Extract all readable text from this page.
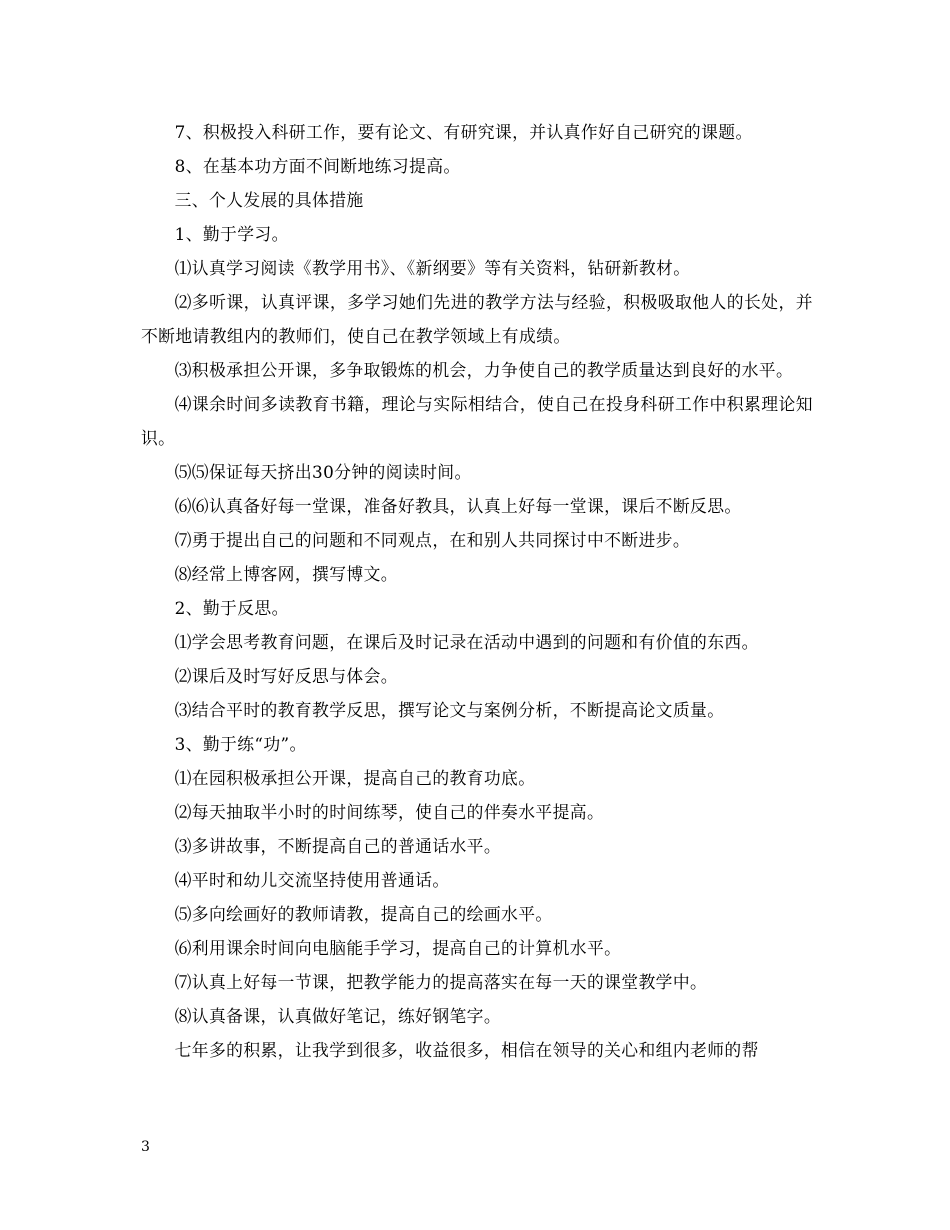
7、积极投入科研工作，要有论文、有研究课，并认真作好自己研究的课题。

8、在基本功方面不间断地练习提高。

三、个人发展的具体措施

1、勤于学习。

⑴认真学习阅读《教学用书》、《新纲要》等有关资料，钻研新教材。

⑵多听课，认真评课，多学习她们先进的教学方法与经验，积极吸取他人的长处，并不断地请教组内的教师们，使自己在教学领域上有成绩。

⑶积极承担公开课，多争取锻炼的机会，力争使自己的教学质量达到良好的水平。

⑷课余时间多读教育书籍，理论与实际相结合，使自己在投身科研工作中积累理论知识。

⑸⑸保证每天挤出30分钟的阅读时间。

⑹⑹认真备好每一堂课，准备好教具，认真上好每一堂课，课后不断反思。

⑺勇于提出自己的问题和不同观点，在和别人共同探讨中不断进步。

⑻经常上博客网，撰写博文。

2、勤于反思。

⑴学会思考教育问题，在课后及时记录在活动中遇到的问题和有价值的东西。

⑵课后及时写好反思与体会。

⑶结合平时的教育教学反思，撰写论文与案例分析，不断提高论文质量。

3、勤于练“功”。

⑴在园积极承担公开课，提高自己的教育功底。

⑵每天抽取半小时的时间练琴，使自己的伴奏水平提高。

⑶多讲故事，不断提高自己的普通话水平。

⑷平时和幼儿交流坚持使用普通话。

⑸多向绘画好的教师请教，提高自己的绘画水平。

⑹利用课余时间向电脑能手学习，提高自己的计算机水平。

⑺认真上好每一节课，把教学能力的提高落实在每一天的课堂教学中。

⑻认真备课，认真做好笔记，练好钢笔字。

七年多的积累，让我学到很多，收益很多，相信在领导的关心和组内老师的帮

3
